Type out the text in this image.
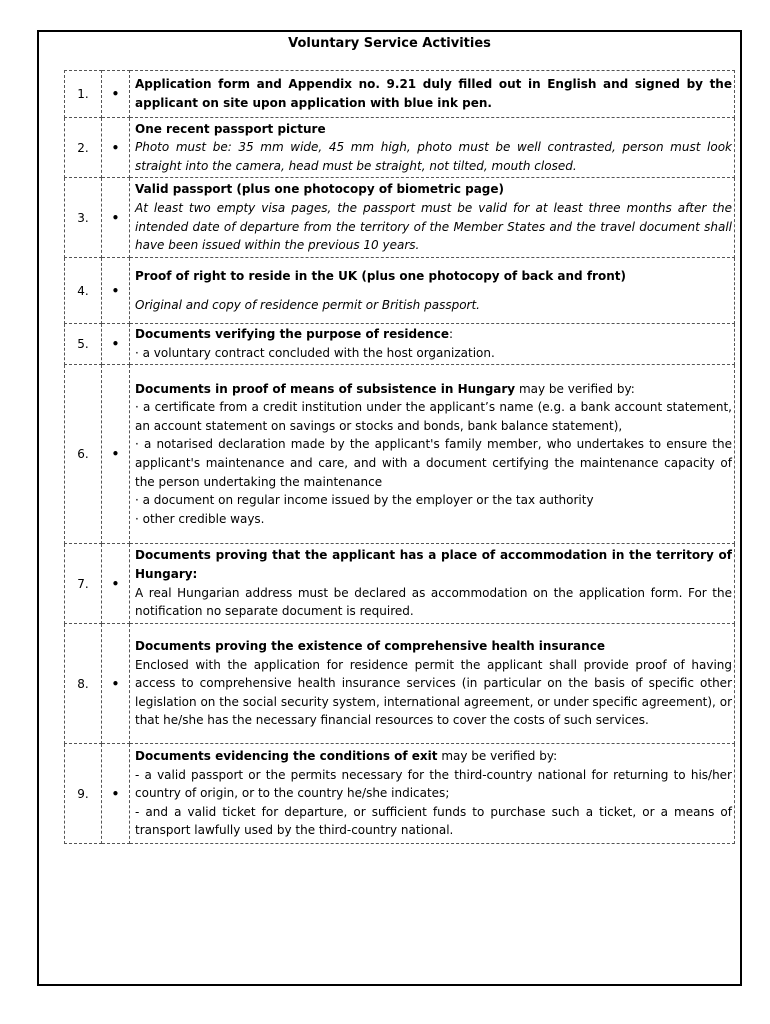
Voluntary Service Activities
1.	•	Application form and Appendix no. 9.21 duly filled out in English and signed by the applicant on site upon application with blue ink pen.

2.	•	One recent passport picture
Photo must be: 35 mm wide, 45 mm high, photo must be well contrasted, person must look straight into the camera, head must be straight, not tilted, mouth closed.

3.	•	Valid passport (plus one photocopy of biometric page)
At least two empty visa pages, the passport must be valid for at least three months after the intended date of departure from the territory of the Member States and the travel document shall have been issued within the previous 10 years.

4.	•	Proof of right to reside in the UK (plus one photocopy of back and front)
Original and copy of residence permit or British passport.

5.	•	Documents verifying the purpose of residence:
· a voluntary contract concluded with the host organization.

6.	•	Documents in proof of means of subsistence in Hungary may be verified by:
· a certificate from a credit institution under the applicant’s name (e.g. a bank account statement, an account statement on savings or stocks and bonds, bank balance statement),
· a notarised declaration made by the applicant's family member, who undertakes to ensure the applicant's maintenance and care, and with a document certifying the maintenance capacity of the person undertaking the maintenance
· a document on regular income issued by the employer or the tax authority
· other credible ways.

7.	•	Documents proving that the applicant has a place of accommodation in the territory of Hungary:
A real Hungarian address must be declared as accommodation on the application form. For the notification no separate document is required.

8.	•	Documents proving the existence of comprehensive health insurance
Enclosed with the application for residence permit the applicant shall provide proof of having access to comprehensive health insurance services (in particular on the basis of specific other legislation on the social security system, international agreement, or under specific agreement), or that he/she has the necessary financial resources to cover the costs of such services.

9.	•	Documents evidencing the conditions of exit may be verified by:
- a valid passport or the permits necessary for the third-country national for returning to his/her country of origin, or to the country he/she indicates;
- and a valid ticket for departure, or sufficient funds to purchase such a ticket, or a means of transport lawfully used by the third-country national.
